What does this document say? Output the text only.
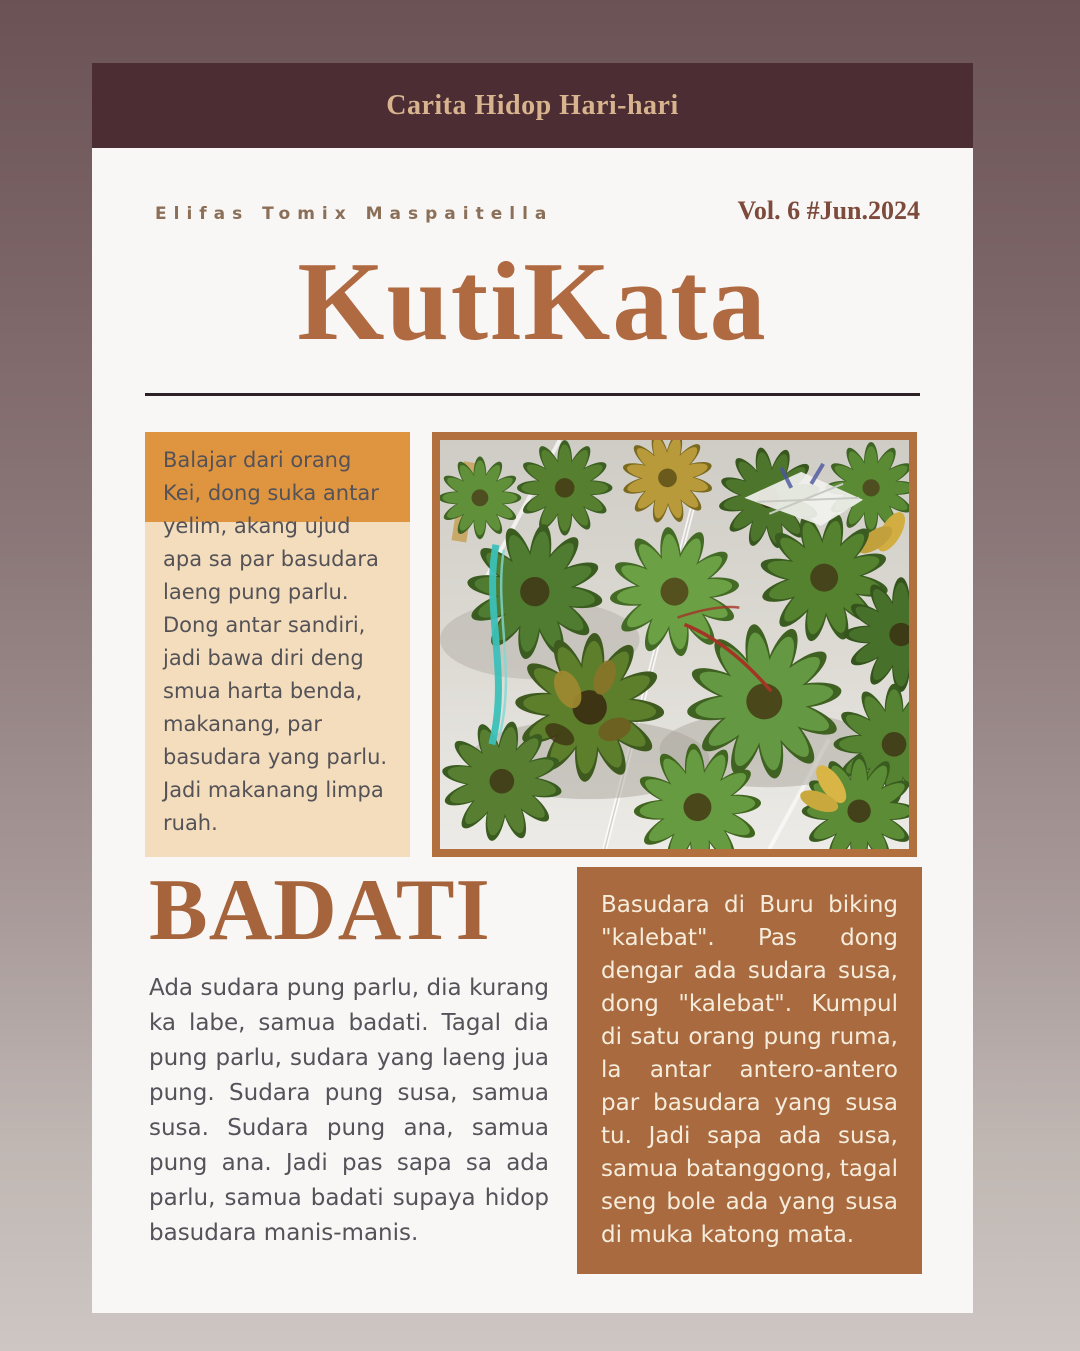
Carita Hidop Hari-hari
Elifas Tomix Maspaitella	Vol. 6 #Jun.2024
KutiKata

Balajar dari orang Kei, dong suka antar yelim, akang ujud apa sa par basudara laeng pung parlu. Dong antar sandiri, jadi bawa diri deng smua harta benda, makanang, par basudara yang parlu. Jadi makanang limpa ruah.

BADATI

Ada sudara pung parlu, dia kurang ka labe, samua badati. Tagal dia pung parlu, sudara yang laeng jua pung. Sudara pung susa, samua susa. Sudara pung ana, samua pung ana. Jadi pas sapa sa ada parlu, samua badati supaya hidop basudara manis-manis.

Basudara di Buru biking "kalebat". Pas dong dengar ada sudara susa, dong "kalebat". Kumpul di satu orang pung ruma, la antar antero-antero par basudara yang susa tu. Jadi sapa ada susa, samua batanggong, tagal seng bole ada yang susa di muka katong mata.
